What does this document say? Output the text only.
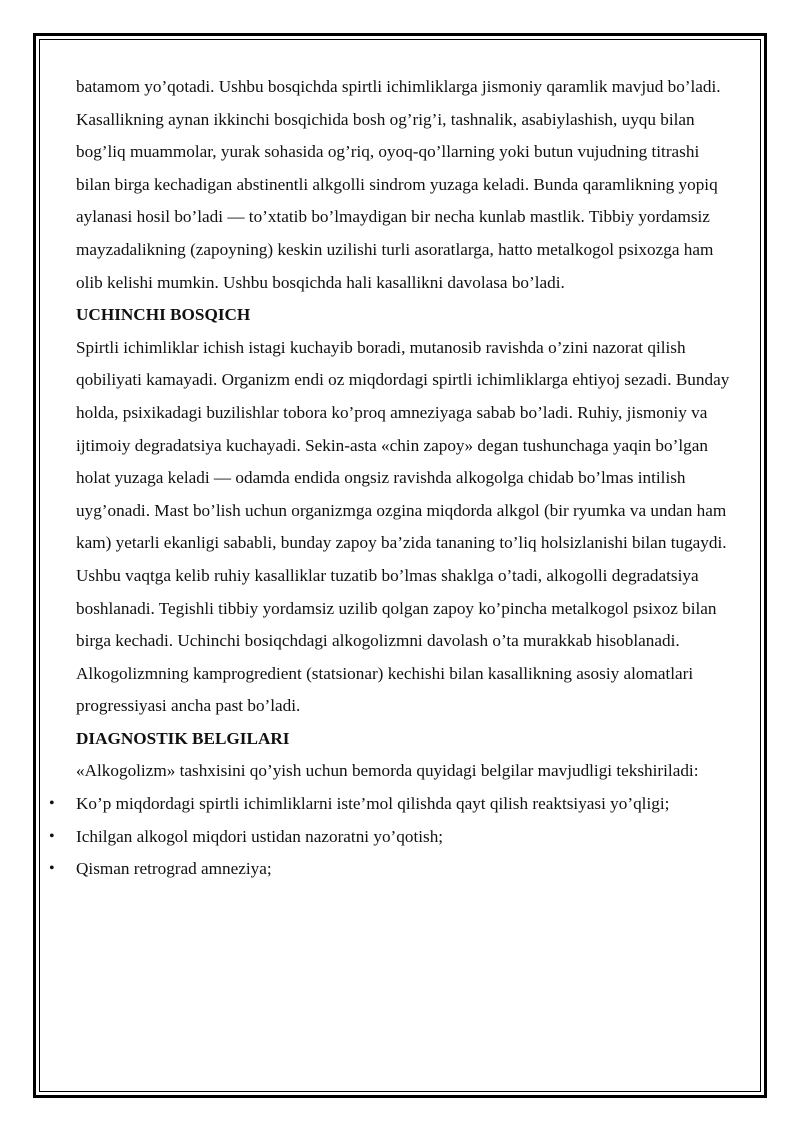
batamom yo’qotadi. Ushbu bosqichda spirtli ichimliklarga jismoniy qaramlik mavjud bo’ladi. Kasallikning aynan ikkinchi bosqichida bosh og’rig’i, tashnalik, asabiylashish, uyqu bilan bog’liq muammolar, yurak sohasida og’riq, oyoq-qo’llarning yoki butun vujudning titrashi bilan birga kechadigan abstinentli alkgolli sindrom yuzaga keladi. Bunda qaramlikning yopiq aylanasi hosil bo’ladi — to’xtatib bo’lmaydigan bir necha kunlab mastlik. Tibbiy yordamsiz mayzadalikning (zapoyning) keskin uzilishi turli asoratlarga, hatto metalkogol psixozga ham olib kelishi mumkin. Ushbu bosqichda hali kasallikni davolasa bo’ladi.

UCHINCHI BOSQICH

Spirtli ichimliklar ichish istagi kuchayib boradi, mutanosib ravishda o’zini nazorat qilish qobiliyati kamayadi. Organizm endi oz miqdordagi spirtli ichimliklarga ehtiyoj sezadi. Bunday holda, psixikadagi buzilishlar tobora ko’proq amneziyaga sabab bo’ladi. Ruhiy, jismoniy va ijtimoiy degradatsiya kuchayadi. Sekin-asta «chin zapoy» degan tushunchaga yaqin bo’lgan holat yuzaga keladi — odamda endida ongsiz ravishda alkogolga chidab bo’lmas intilish uyg’onadi. Mast bo’lish uchun organizmga ozgina miqdorda alkgol (bir ryumka va undan ham kam) yetarli ekanligi sababli, bunday zapoy ba’zida tananing to’liq holsizlanishi bilan tugaydi. Ushbu vaqtga kelib ruhiy kasalliklar tuzatib bo’lmas shaklga o’tadi, alkogolli degradatsiya boshlanadi. Tegishli tibbiy yordamsiz uzilib qolgan zapoy ko’pincha metalkogol psixoz bilan birga kechadi. Uchinchi bosiqchdagi alkogolizmni davolash o’ta murakkab hisoblanadi.

Alkogolizmning kamprogredient (statsionar) kechishi bilan kasallikning asosiy alomatlari progressiyasi ancha past bo’ladi.

DIAGNOSTIK BELGILARI

«Alkogolizm» tashxisini qo’yish uchun bemorda quyidagi belgilar mavjudligi tekshiriladi:

• Ko’p miqdordagi spirtli ichimliklarni iste’mol qilishda qayt qilish reaktsiyasi yo’qligi;
• Ichilgan alkogol miqdori ustidan nazoratni yo’qotish;
• Qisman retrograd amneziya;
